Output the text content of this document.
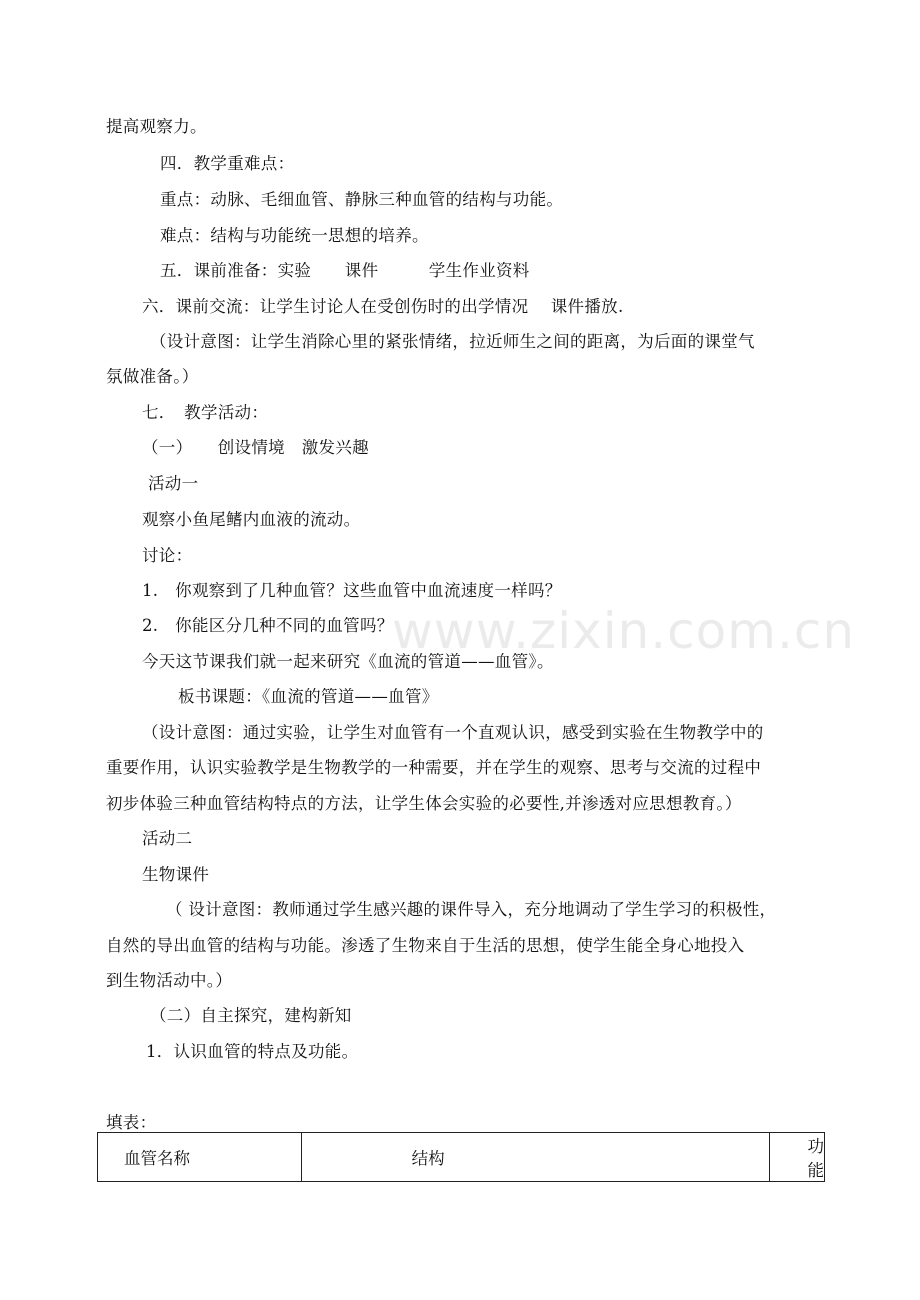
www.zixin.com.cn
提高观察力。
四．教学重难点：
重点：动脉、毛细血管、静脉三种血管的结构与功能。
难点：结构与功能统一思想的培养。
五．课前准备：实验　　课件　　　学生作业资料
六．课前交流：让学生讨论人在受创伤时的出学情况　 课件播放.
（设计意图：让学生消除心里的紧张情绪，拉近师生之间的距离，为后面的课堂气
氛做准备。）
七．　教学活动：
（一）　　创设情境　激发兴趣
活动一
观察小鱼尾鳍内血液的流动。
讨论：
1.　你观察到了几种血管？这些血管中血流速度一样吗？
2.　你能区分几种不同的血管吗？
今天这节课我们就一起来研究《血流的管道——血管》。
板书课题：《血流的管道——血管》
（设计意图：通过实验，让学生对血管有一个直观认识，感受到实验在生物教学中的
重要作用，认识实验教学是生物教学的一种需要，并在学生的观察、思考与交流的过程中
初步体验三种血管结构特点的方法，让学生体会实验的必要性,并渗透对应思想教育。）
活动二
生物课件
（ 设计意图：教师通过学生感兴趣的课件导入，充分地调动了学生学习的积极性，
自然的导出血管的结构与功能。渗透了生物来自于生活的思想，使学生能全身心地投入
到生物活动中。）
（二）自主探究，建构新知
1．认识血管的特点及功能。
填表：
血管名称	结构	功能
